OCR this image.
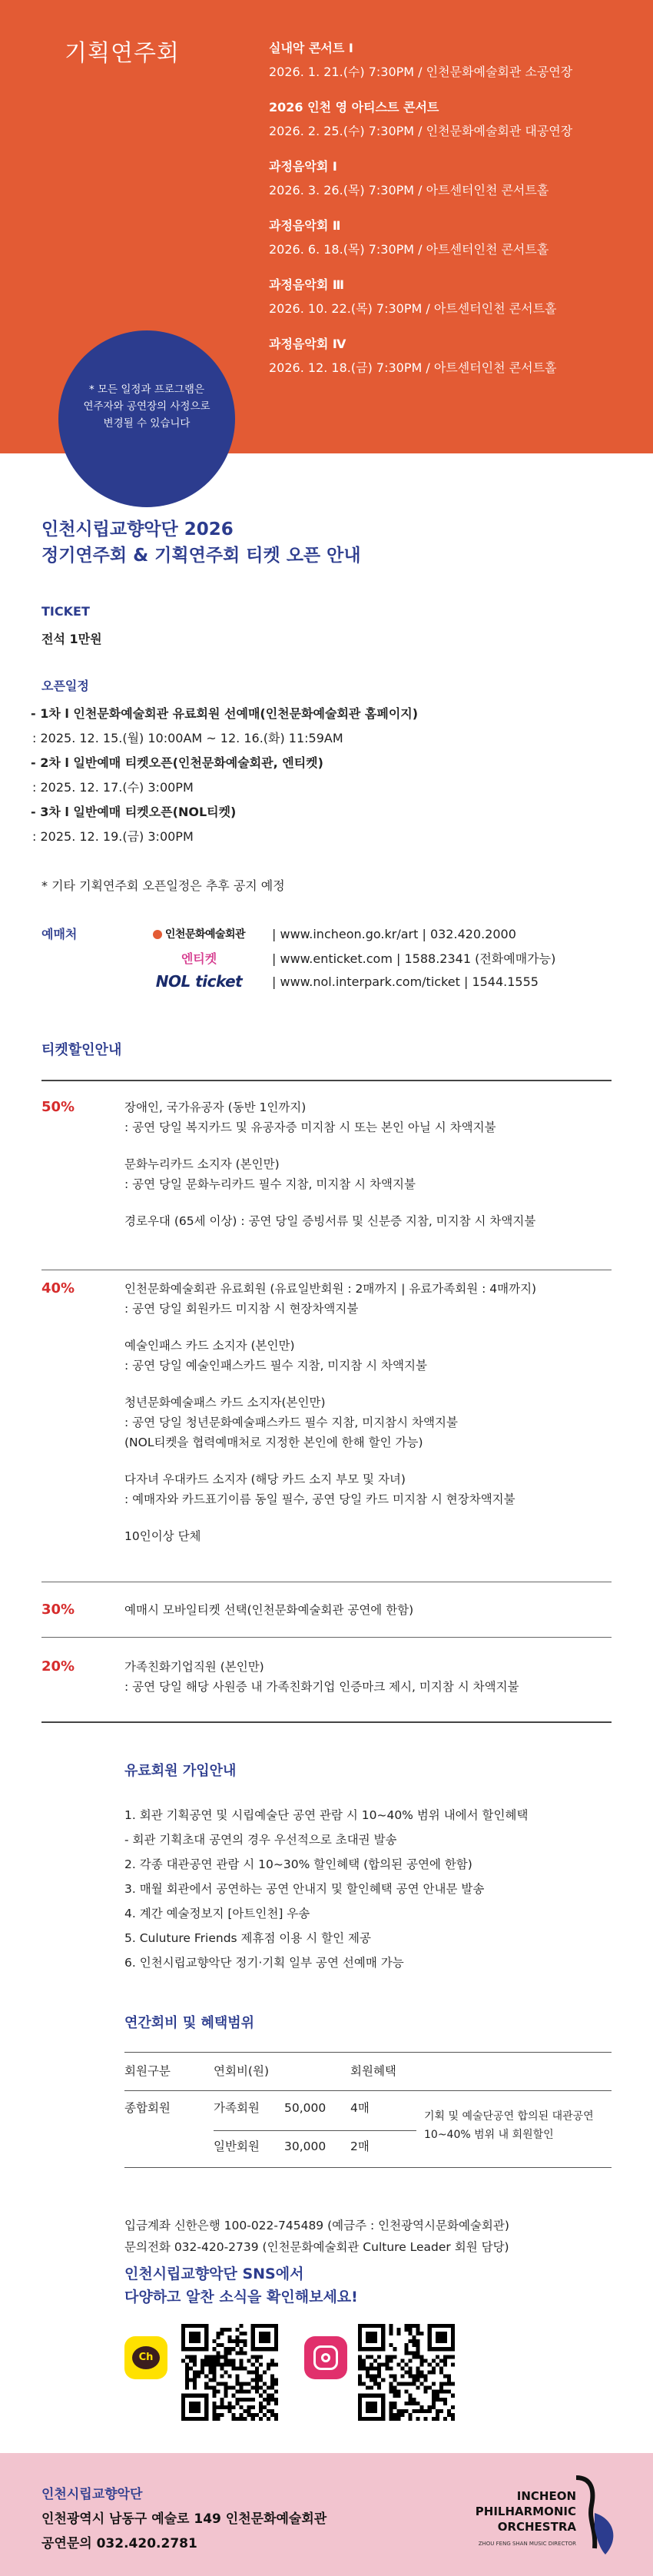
기획연주회	실내악 콘서트 Ⅰ
2026. 1. 21.(수) 7:30PM / 인천문화예술회관 소공연장
2026 인천 영 아티스트 콘서트
2026. 2. 25.(수) 7:30PM / 인천문화예술회관 대공연장
과정음악회 Ⅰ
2026. 3. 26.(목) 7:30PM / 아트센터인천 콘서트홀
과정음악회 Ⅱ
2026. 6. 18.(목) 7:30PM / 아트센터인천 콘서트홀
과정음악회 Ⅲ
2026. 10. 22.(목) 7:30PM / 아트센터인천 콘서트홀
과정음악회 Ⅳ
2026. 12. 18.(금) 7:30PM / 아트센터인천 콘서트홀
* 모든 일정과 프로그램은
연주자와 공연장의 사정으로
변경될 수 있습니다
인천시립교향악단 2026
정기연주회 & 기획연주회 티켓 오픈 안내
TICKET
전석 1만원
오픈일정
- 1차 l 인천문화예술회관 유료회원 선예매(인천문화예술회관 홈페이지)
: 2025. 12. 15.(월) 10:00AM ~ 12. 16.(화) 11:59AM
- 2차 l 일반예매 티켓오픈(인천문화예술회관, 엔티켓)
: 2025. 12. 17.(수) 3:00PM
- 3차 l 일반예매 티켓오픈(NOL티켓)
: 2025. 12. 19.(금) 3:00PM
* 기타 기획연주회 오픈일정은 추후 공지 예정
예매처	인천문화예술회관	| www.incheon.go.kr/art | 032.420.2000
엔티켓	| www.enticket.com | 1588.2341 (전화예매가능)
NOL ticket	| www.nol.interpark.com/ticket | 1544.1555
티켓할인안내
50%	장애인, 국가유공자 (동반 1인까지)
: 공연 당일 복지카드 및 유공자증 미지참 시 또는 본인 아닐 시 차액지불
문화누리카드 소지자 (본인만)
: 공연 당일 문화누리카드 필수 지참, 미지참 시 차액지불
경로우대 (65세 이상) : 공연 당일 증빙서류 및 신분증 지참, 미지참 시 차액지불
40%	인천문화예술회관 유료회원 (유료일반회원 : 2매까지 | 유료가족회원 : 4매까지)
: 공연 당일 회원카드 미지참 시 현장차액지불
예술인패스 카드 소지자 (본인만)
: 공연 당일 예술인패스카드 필수 지참, 미지참 시 차액지불
청년문화예술패스 카드 소지자(본인만)
: 공연 당일 청년문화예술패스카드 필수 지참, 미지참시 차액지불
(NOL티켓을 협력예매처로 지정한 본인에 한해 할인 가능)
다자녀 우대카드 소지자 (해당 카드 소지 부모 및 자녀)
: 예매자와 카드표기이름 동일 필수, 공연 당일 카드 미지참 시 현장차액지불
10인이상 단체
30%	예매시 모바일티켓 선택(인천문화예술회관 공연에 한함)
20%	가족친화기업직원 (본인만)
: 공연 당일 해당 사원증 내 가족친화기업 인증마크 제시, 미지참 시 차액지불
유료회원 가입안내
1. 회관 기획공연 및 시립예술단 공연 관람 시 10~40% 범위 내에서 할인혜택
- 회관 기획초대 공연의 경우 우선적으로 초대권 발송
2. 각종 대관공연 관람 시 10~30% 할인혜택 (합의된 공연에 한함)
3. 매월 회관에서 공연하는 공연 안내지 및 할인혜택 공연 안내문 발송
4. 계간 예술정보지 [아트인천] 우송
5. Culuture Friends 제휴점 이용 시 할인 제공
6. 인천시립교향악단 정기·기획 일부 공연 선예매 가능
연간회비 및 혜택범위
회원구분	연회비(원)	회원혜택
종합회원	가족회원 50,000 4매
일반회원 30,000 2매
기획 및 예술단공연 합의된 대관공연
10~40% 범위 내 회원할인
입금계좌 신한은행 100-022-745489 (예금주 : 인천광역시문화예술회관)
문의전화 032-420-2739 (인천문화예술회관 Culture Leader 회원 담당)
인천시립교향악단 SNS에서
다양하고 알찬 소식을 확인해보세요!
Ch
인천시립교향악단
인천광역시 남동구 예술로 149 인천문화예술회관
공연문의 032.420.2781
INCHEON
PHILHARMONIC
ORCHESTRA
ZHOU FENG SHAN MUSIC DIRECTOR
